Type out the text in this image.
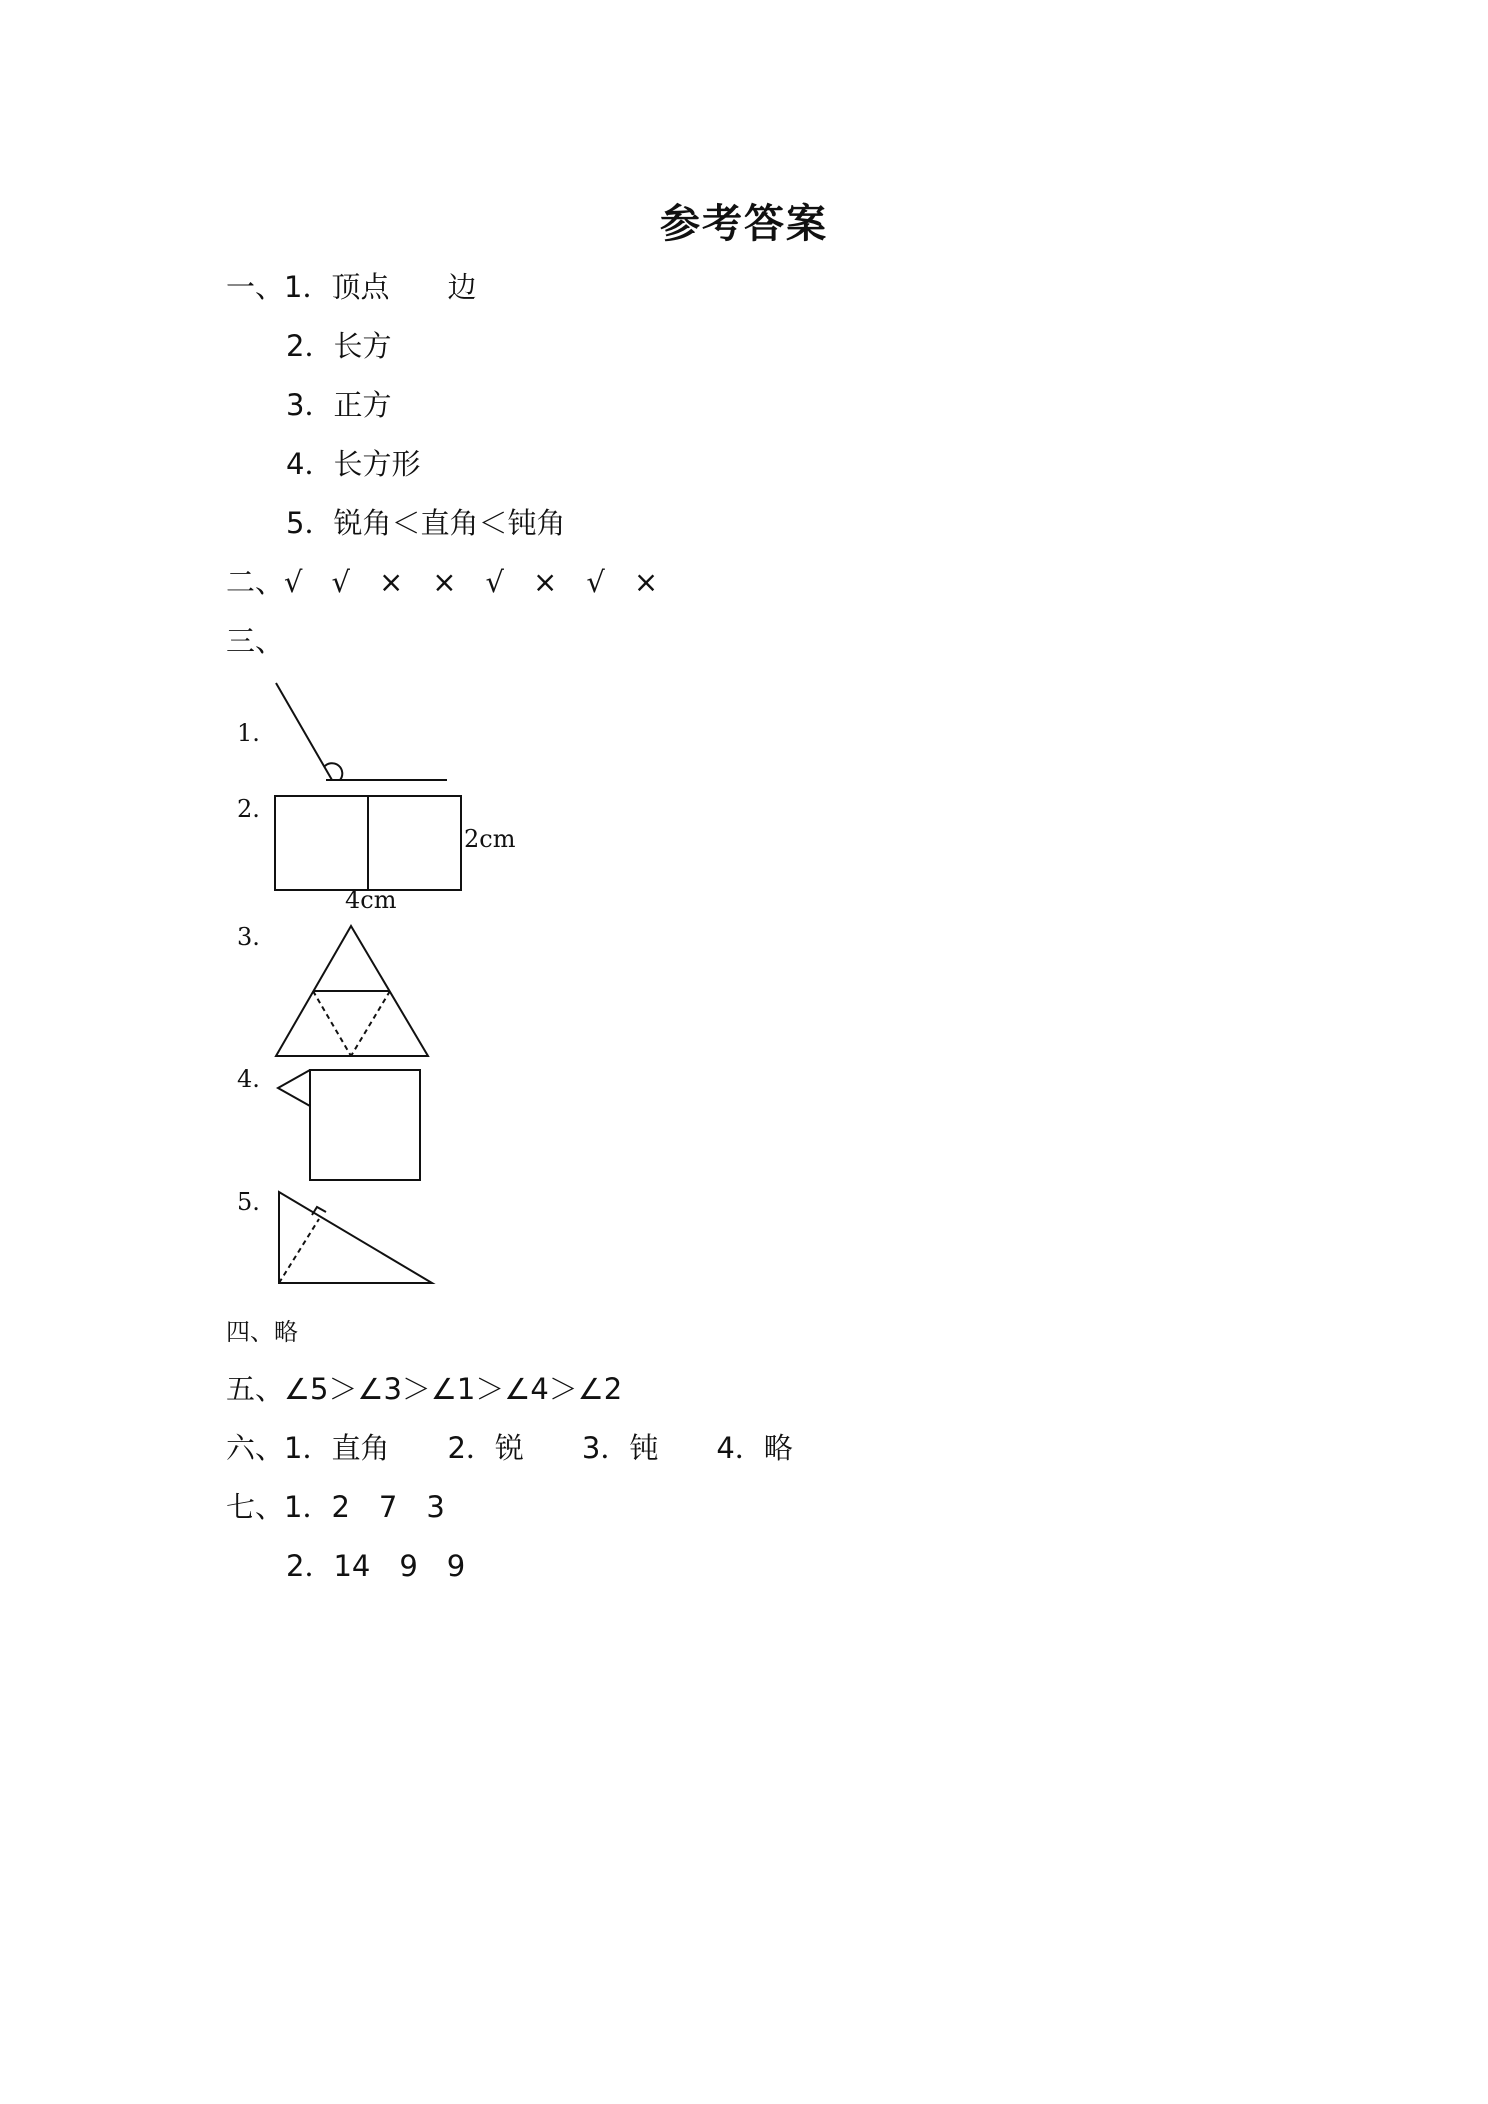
参考答案
一、1．顶点　　边
2．长方
3．正方
4．长方形
5．锐角＜直角＜钝角
二、√　√　×　×　√　×　√　×
三、
1.
2.
2cm
4cm
3.
4.
5.
四、略
五、∠5＞∠3＞∠1＞∠4＞∠2
六、1．直角　　2．锐　　3．钝　　4．略
七、1．2　7　3
2．14　9　9
